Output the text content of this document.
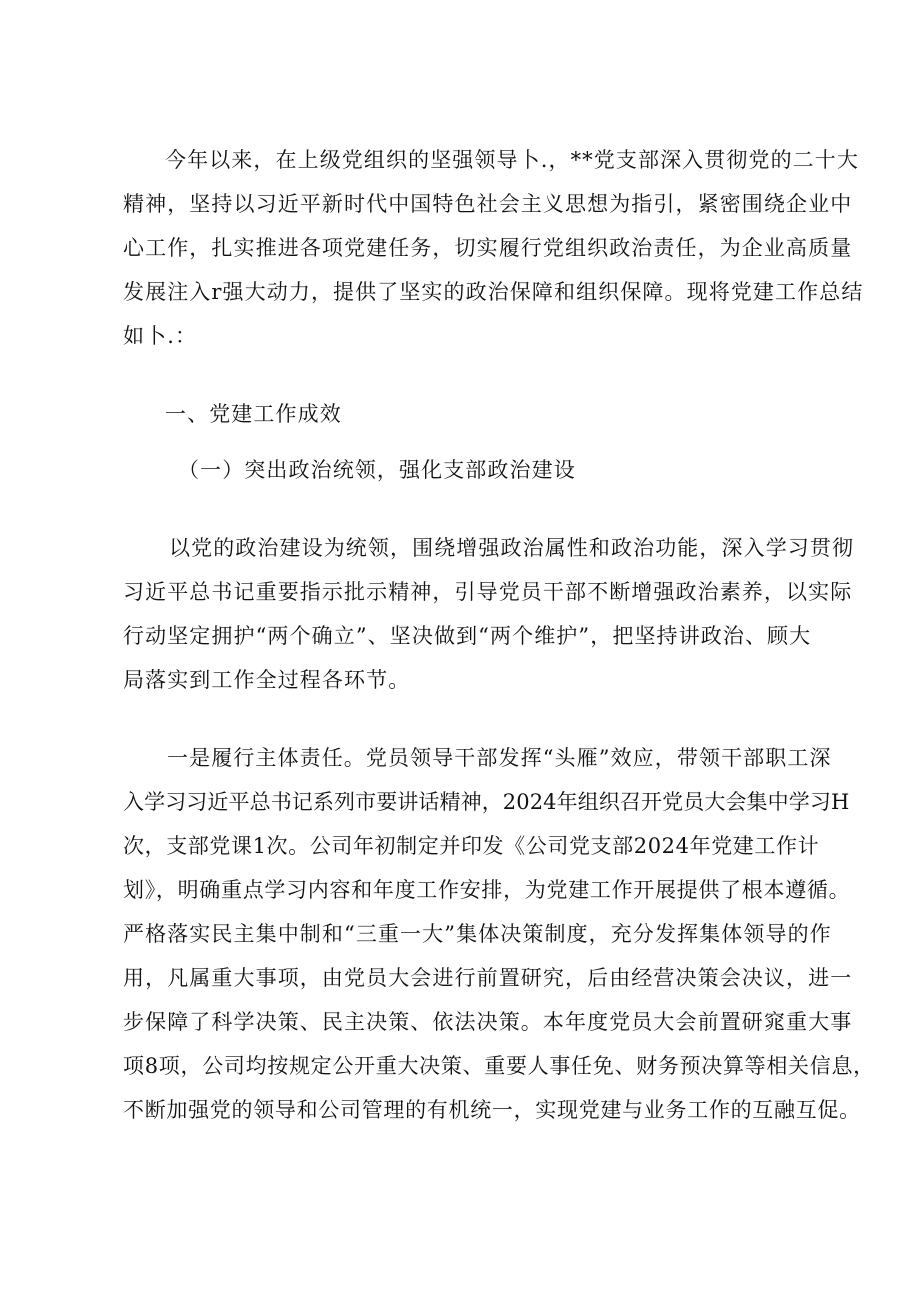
今年以来，在上级党组织的坚强领导卜.，**党支部深入贯彻党的二十大
精神，坚持以习近平新时代中国特色社会主义思想为指引，紧密围绕企业中
心工作，扎实推进各项党建任务，切实履行党组织政治责任，为企业高质量
发展注入r强大动力，提供了坚实的政治保障和组织保障。现将党建工作总结
如卜.：
一、党建工作成效
（一）突出政治统领，强化支部政治建设
以党的政治建设为统领，围绕增强政治属性和政治功能，深入学习贯彻
习近平总书记重要指示批示精神，引导党员干部不断增强政治素养，以实际
行动坚定拥护“两个确立”、坚决做到“两个维护”，把坚持讲政治、顾大
局落实到工作全过程各环节。
一是履行主体责任。党员领导干部发挥“头雁”效应，带领干部职工深
入学习习近平总书记系列市要讲话精神，2024年组织召开党员大会集中学习H
次，支部党课1次。公司年初制定并印发《公司党支部2024年党建工作计
划》，明确重点学习内容和年度工作安排，为党建工作开展提供了根本遵循。
严格落实民主集中制和“三重一大”集体决策制度，充分发挥集体领导的作
用，凡属重大事项，由党员大会进行前置研究，后由经营决策会决议，进一
步保障了科学决策、民主决策、依法决策。本年度党员大会前置研窕重大事
项8项，公司均按规定公开重大决策、重要人事任免、财务预决算等相关信息，
不断加强党的领导和公司管理的有机统一，实现党建与业务工作的互融互促。
